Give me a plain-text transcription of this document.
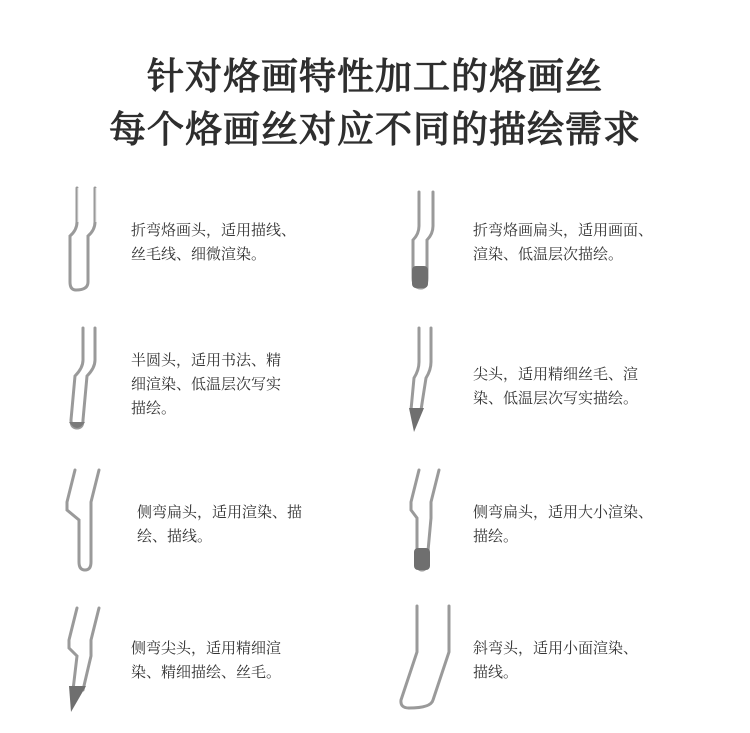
针对烙画特性加工的烙画丝
每个烙画丝对应不同的描绘需求
折弯烙画头，适用描线、
丝毛线、细微渲染。
折弯烙画扁头，适用画面、
渲染、低温层次描绘。
半圆头，适用书法、精
细渲染、低温层次写实
描绘。
尖头，适用精细丝毛、渲
染、低温层次写实描绘。
侧弯扁头，适用渲染、描
绘、描线。
侧弯扁头，适用大小渲染、
描绘。
侧弯尖头，适用精细渲
染、精细描绘、丝毛。
斜弯头，适用小面渲染、
描线。
